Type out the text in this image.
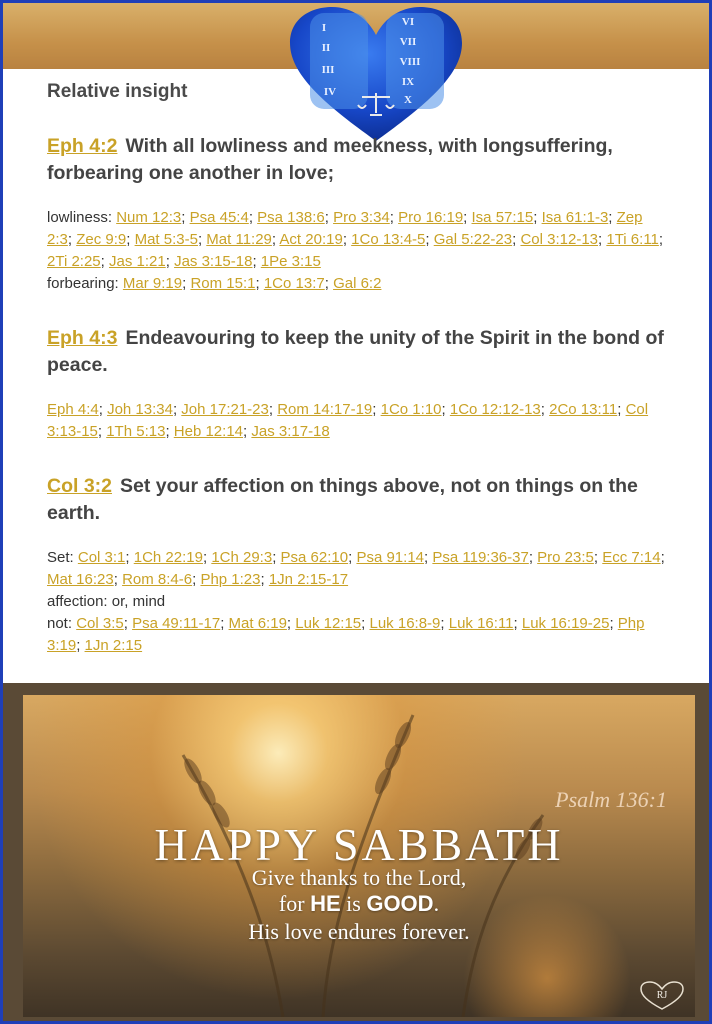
I
II
III
IV
VI
VII
VIII
IX
X
Relative insight
Eph 4:2 With all lowliness and meekness, with longsuffering, forbearing one another in love;
lowliness: Num 12:3; Psa 45:4; Psa 138:6; Pro 3:34; Pro 16:19; Isa 57:15; Isa 61:1-3; Zep 2:3; Zec 9:9; Mat 5:3-5; Mat 11:29; Act 20:19; 1Co 13:4-5; Gal 5:22-23; Col 3:12-13; 1Ti 6:11; 2Ti 2:25; Jas 1:21; Jas 3:15-18; 1Pe 3:15
forbearing: Mar 9:19; Rom 15:1; 1Co 13:7; Gal 6:2
Eph 4:3 Endeavouring to keep the unity of the Spirit in the bond of peace.
Eph 4:4; Joh 13:34; Joh 17:21-23; Rom 14:17-19; 1Co 1:10; 1Co 12:12-13; 2Co 13:11; Col 3:13-15; 1Th 5:13; Heb 12:14; Jas 3:17-18
Col 3:2 Set your affection on things above, not on things on the earth.
Set: Col 3:1; 1Ch 22:19; 1Ch 29:3; Psa 62:10; Psa 91:14; Psa 119:36-37; Pro 23:5; Ecc 7:14; Mat 16:23; Rom 8:4-6; Php 1:23; 1Jn 2:15-17
affection: or, mind
not: Col 3:5; Psa 49:11-17; Mat 6:19; Luk 12:15; Luk 16:8-9; Luk 16:11; Luk 16:19-25; Php 3:19; 1Jn 2:15
Psalm 136:1
HAPPY SABBATH
Give thanks to the Lord,
for HE is GOOD.
His love endures forever.
RJ
